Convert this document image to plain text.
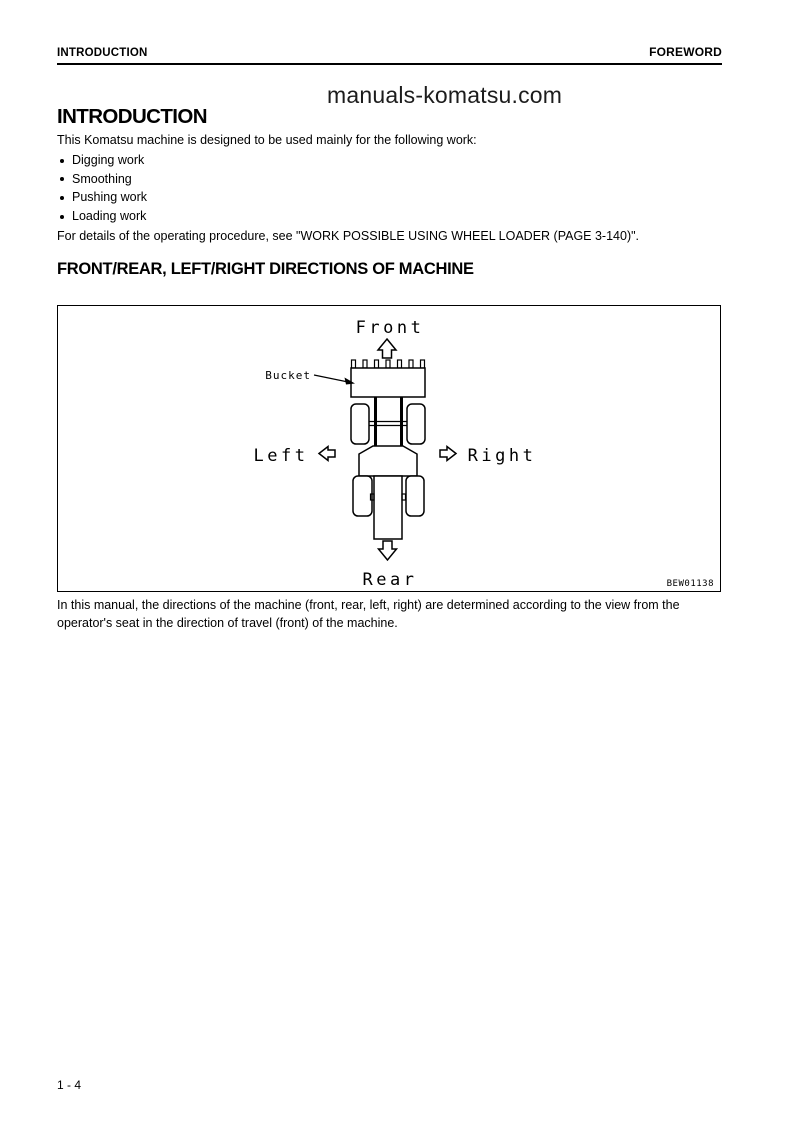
manuals-komatsu.com
INTRODUCTION	FOREWORD
INTRODUCTION

This Komatsu machine is designed to be used mainly for the following work:

Digging work
Smoothing
Pushing work
Loading work

For details of the operating procedure, see "WORK POSSIBLE USING WHEEL LOADER (PAGE 3-140)".

FRONT/REAR, LEFT/RIGHT DIRECTIONS OF MACHINE
Front
Bucket
Rear
Left	Right
BEW01138

In this manual, the directions of the machine (front, rear, left, right) are determined according to the view from the operator's seat in the direction of travel (front) of the machine.

1 - 4
